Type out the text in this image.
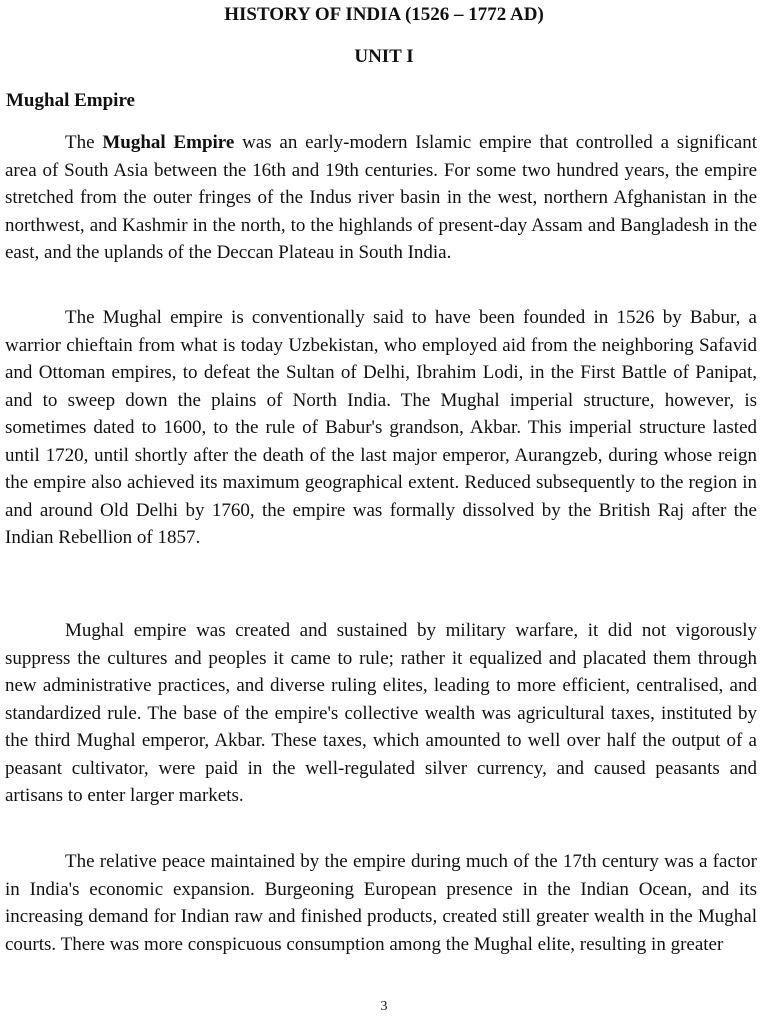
HISTORY OF INDIA (1526 – 1772 AD)
UNIT I
Mughal Empire

The Mughal Empire was an early-modern Islamic empire that controlled a significant area of South Asia between the 16th and 19th centuries. For some two hundred years, the empire stretched from the outer fringes of the Indus river basin in the west, northern Afghanistan in the northwest, and Kashmir in the north, to the highlands of present-day Assam and Bangladesh in the east, and the uplands of the Deccan Plateau in South India.

The Mughal empire is conventionally said to have been founded in 1526 by Babur, a warrior chieftain from what is today Uzbekistan, who employed aid from the neighboring Safavid and Ottoman empires, to defeat the Sultan of Delhi, Ibrahim Lodi, in the First Battle of Panipat, and to sweep down the plains of North India. The Mughal imperial structure, however, is sometimes dated to 1600, to the rule of Babur's grandson, Akbar. This imperial structure lasted until 1720, until shortly after the death of the last major emperor, Aurangzeb, during whose reign the empire also achieved its maximum geographical extent. Reduced subsequently to the region in and around Old Delhi by 1760, the empire was formally dissolved by the British Raj after the Indian Rebellion of 1857.

Mughal empire was created and sustained by military warfare, it did not vigorously suppress the cultures and peoples it came to rule; rather it equalized and placated them through new administrative practices, and diverse ruling elites, leading to more efficient, centralised, and standardized rule. The base of the empire's collective wealth was agricultural taxes, instituted by the third Mughal emperor, Akbar. These taxes, which amounted to well over half the output of a peasant cultivator, were paid in the well-regulated silver currency, and caused peasants and artisans to enter larger markets.

The relative peace maintained by the empire during much of the 17th century was a factor in India's economic expansion. Burgeoning European presence in the Indian Ocean, and its increasing demand for Indian raw and finished products, created still greater wealth in the Mughal courts. There was more conspicuous consumption among the Mughal elite, resulting in greater

3
